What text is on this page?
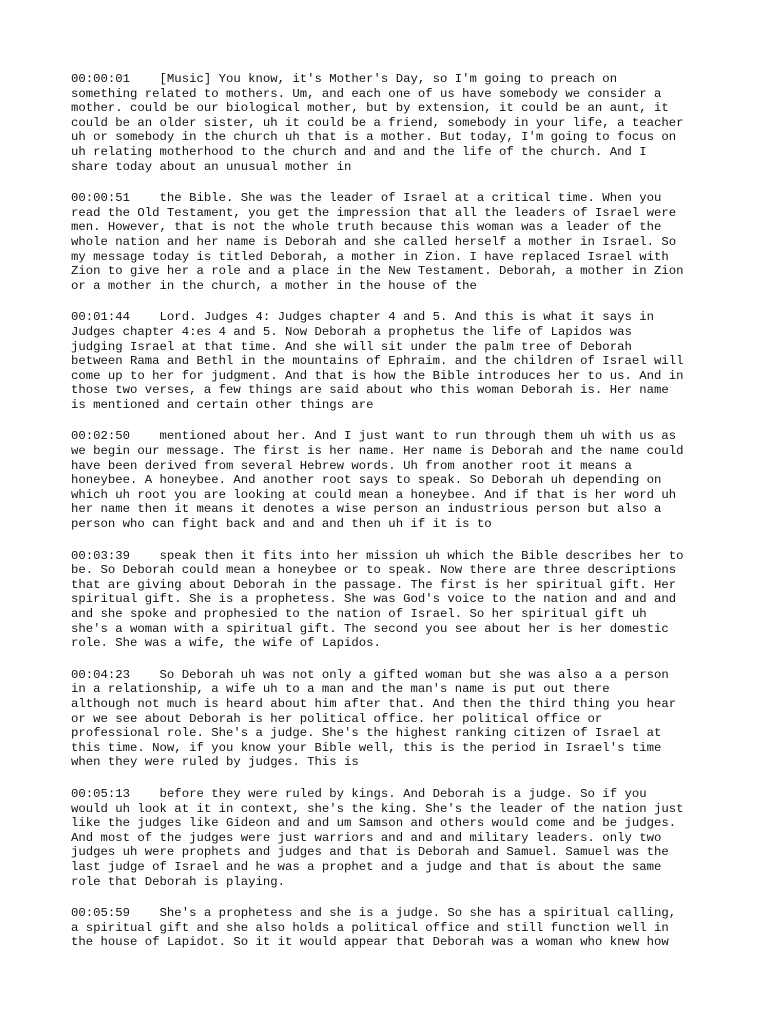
00:00:01    [Music] You know, it's Mother's Day, so I'm going to preach on
something related to mothers. Um, and each one of us have somebody we consider a
mother. could be our biological mother, but by extension, it could be an aunt, it
could be an older sister, uh it could be a friend, somebody in your life, a teacher
uh or somebody in the church uh that is a mother. But today, I'm going to focus on
uh relating motherhood to the church and and and the life of the church. And I
share today about an unusual mother in

00:00:51    the Bible. She was the leader of Israel at a critical time. When you
read the Old Testament, you get the impression that all the leaders of Israel were
men. However, that is not the whole truth because this woman was a leader of the
whole nation and her name is Deborah and she called herself a mother in Israel. So
my message today is titled Deborah, a mother in Zion. I have replaced Israel with
Zion to give her a role and a place in the New Testament. Deborah, a mother in Zion
or a mother in the church, a mother in the house of the

00:01:44    Lord. Judges 4: Judges chapter 4 and 5. And this is what it says in
Judges chapter 4:es 4 and 5. Now Deborah a prophetus the life of Lapidos was
judging Israel at that time. And she will sit under the palm tree of Deborah
between Rama and Bethl in the mountains of Ephraim. and the children of Israel will
come up to her for judgment. And that is how the Bible introduces her to us. And in
those two verses, a few things are said about who this woman Deborah is. Her name
is mentioned and certain other things are

00:02:50    mentioned about her. And I just want to run through them uh with us as
we begin our message. The first is her name. Her name is Deborah and the name could
have been derived from several Hebrew words. Uh from another root it means a
honeybee. A honeybee. And another root says to speak. So Deborah uh depending on
which uh root you are looking at could mean a honeybee. And if that is her word uh
her name then it means it denotes a wise person an industrious person but also a
person who can fight back and and and then uh if it is to

00:03:39    speak then it fits into her mission uh which the Bible describes her to
be. So Deborah could mean a honeybee or to speak. Now there are three descriptions
that are giving about Deborah in the passage. The first is her spiritual gift. Her
spiritual gift. She is a prophetess. She was God's voice to the nation and and and
and she spoke and prophesied to the nation of Israel. So her spiritual gift uh
she's a woman with a spiritual gift. The second you see about her is her domestic
role. She was a wife, the wife of Lapidos.

00:04:23    So Deborah uh was not only a gifted woman but she was also a a person
in a relationship, a wife uh to a man and the man's name is put out there
although not much is heard about him after that. And then the third thing you hear
or we see about Deborah is her political office. her political office or
professional role. She's a judge. She's the highest ranking citizen of Israel at
this time. Now, if you know your Bible well, this is the period in Israel's time
when they were ruled by judges. This is

00:05:13    before they were ruled by kings. And Deborah is a judge. So if you
would uh look at it in context, she's the king. She's the leader of the nation just
like the judges like Gideon and and um Samson and others would come and be judges.
And most of the judges were just warriors and and and military leaders. only two
judges uh were prophets and judges and that is Deborah and Samuel. Samuel was the
last judge of Israel and he was a prophet and a judge and that is about the same
role that Deborah is playing.

00:05:59    She's a prophetess and she is a judge. So she has a spiritual calling,
a spiritual gift and she also holds a political office and still function well in
the house of Lapidot. So it it would appear that Deborah was a woman who knew how
